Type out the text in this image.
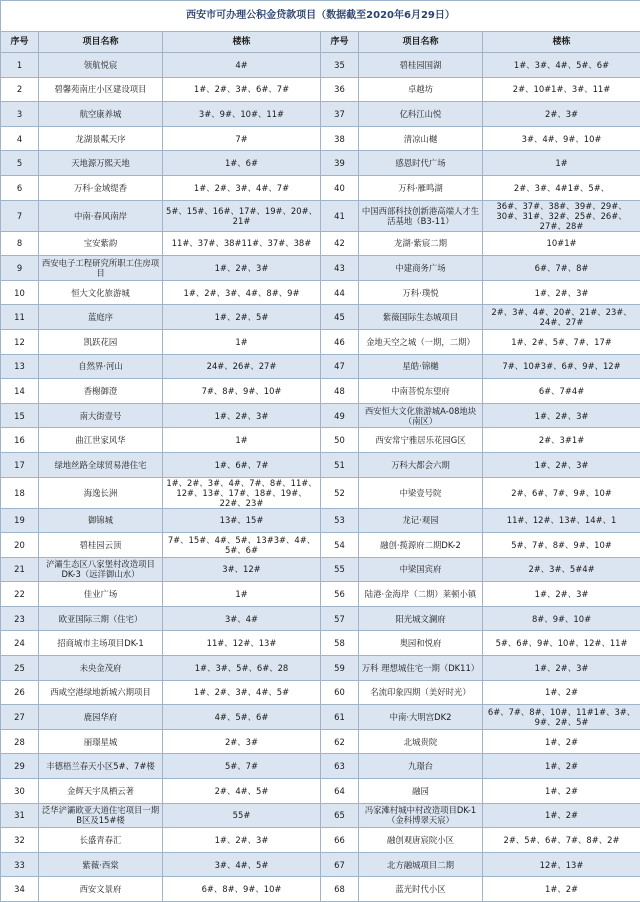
西安市可办理公积金贷款项目（数据截至2020年6月29日）					
序号	项目名称	楼栋	序号	项目名称	楼栋
1	领航悦宸	4#	35	碧桂园国湖	1#、3#、4#、5#、6#
2	碧馨苑南庄小区建设项目	1#、2#、3#、6#、7#	36	卓越坊	2#、10#1#、3#、11#
3	航空康养城	3#、9#、10#、11#	37	亿科江山悦	2#、3#
4	龙湖景粼天序	7#	38	清凉山樾	3#、4#、9#、10#
5	天地源万熙天地	1#、6#	39	感恩时代广场	1#
6	万科·金域缇香	1#、2#、3#、4#、7#	40	万科·雁鸣湖	2#、3#、4#1#、5#、
7	中南·春风南岸	5#、15#、16#、17#、19#、20#、21#	41	中国西部科技创新港高端人才生活基地（B3-11）	36#、37#、38#、39#、29#、30#、31#、32#、25#、26#、27#、28#
8	宝安紫韵	11#、37#、38#11#、37#、38#	42	龙湖·紫宸二期	10#1#
9	西安电子工程研究所职工住房项目	1#、2#、3#	43	中建商务广场	6#、7#、8#
10	恒大文化旅游城	1#、2#、3#、4#、8#、9#	44	万科·璞悦	1#、2#、3#
11	蓝庭序	1#、2#、5#	45	紫薇国际生态城项目	2#、3#、4#、20#、21#、23#、24#、27#
12	凯跃花园	1#	46	金地天空之城（一期，二期）	1#、2#、5#、7#、17#
13	自然界·河山	24#、26#、27#	47	星皓·锦樾	7#、10#3#、6#、9#、12#
14	香榭御澄	7#、8#、9#、10#	48	中南菩悦东望府	6#、7#4#
15	南大街壹号	1#、2#、3#	49	西安恒大文化旅游城A-08地块（南区）	1#、2#、3#
16	曲江世家风华	1#	50	西安常宁雅居乐花园G区	2#、3#1#
17	绿地丝路全球贸易港住宅	1#、6#、7#	51	万科大都会六期	1#、2#、3#
18	海逸长洲	1#、2#、3#、4#、7#、8#、11#、12#、13#、17#、18#、19#、22#、23#	52	中梁壹号院	2#、6#、7#、9#、10#
19	御锦城	13#、15#	53	龙记·观园	11#、12#、13#、14#、1
20	碧桂园云顶	7#、15#、4#、5#、13#3#、4#、5#、6#	54	融创·揽源府二期DK-2	5#、7#、8#、9#、10#
21	浐灞生态区八家堡村改造项目DK-3（远洋御山水）	3#、12#	55	中梁国宾府	2#、3#、5#4#
22	佳业广场	1#	56	陆港·金海岸（二期）莱顿小镇	1#、2#、3#
23	欧亚国际三期（住宅）	3#、4#	57	阳光城文澜府	8#、9#、10#
24	招商城市主场项目DK-1	11#、12#、13#	58	奥园和悦府	5#、6#、9#、10#、12#、11#
25	未央金茂府	1#、3#、5#、6#、28	59	万科 理想城住宅一期（DK11）	1#、2#、3#
26	西咸空港绿地新城六期项目	1#、2#、3#、4#、5#	60	名流印象四期（美好时光）	1#、2#
27	鹿园华府	4#、5#、6#	61	中南·大明宫DK2	6#、7#、8#、10#、11#1#、3#、9#、2#、5#
28	丽璟星城	2#、3#	62	北城贵院	1#、2#
29	丰德梧兰春天小区5#、7#楼	5#、7#	63	九璟台	1#、2#
30	金辉天宇凤栖云著	2#、4#、5#	64	融园	1#、2#
31	泛华浐灞欧亚大道住宅项目一期B区及15#楼	55#	65	冯家滩村城中村改造项目DK-1（金科博翠天宸）	1#、2#
32	长盛青春汇	1#、2#、3#	66	融创观唐宸院小区	2#、5#、6#、7#、8#、2#
33	紫薇·西棠	3#、4#、5#	67	北方融城项目二期	12#、13#
34	西安文景府	6#、8#、9#、10#	68	蓝光时代小区	1#、2#
